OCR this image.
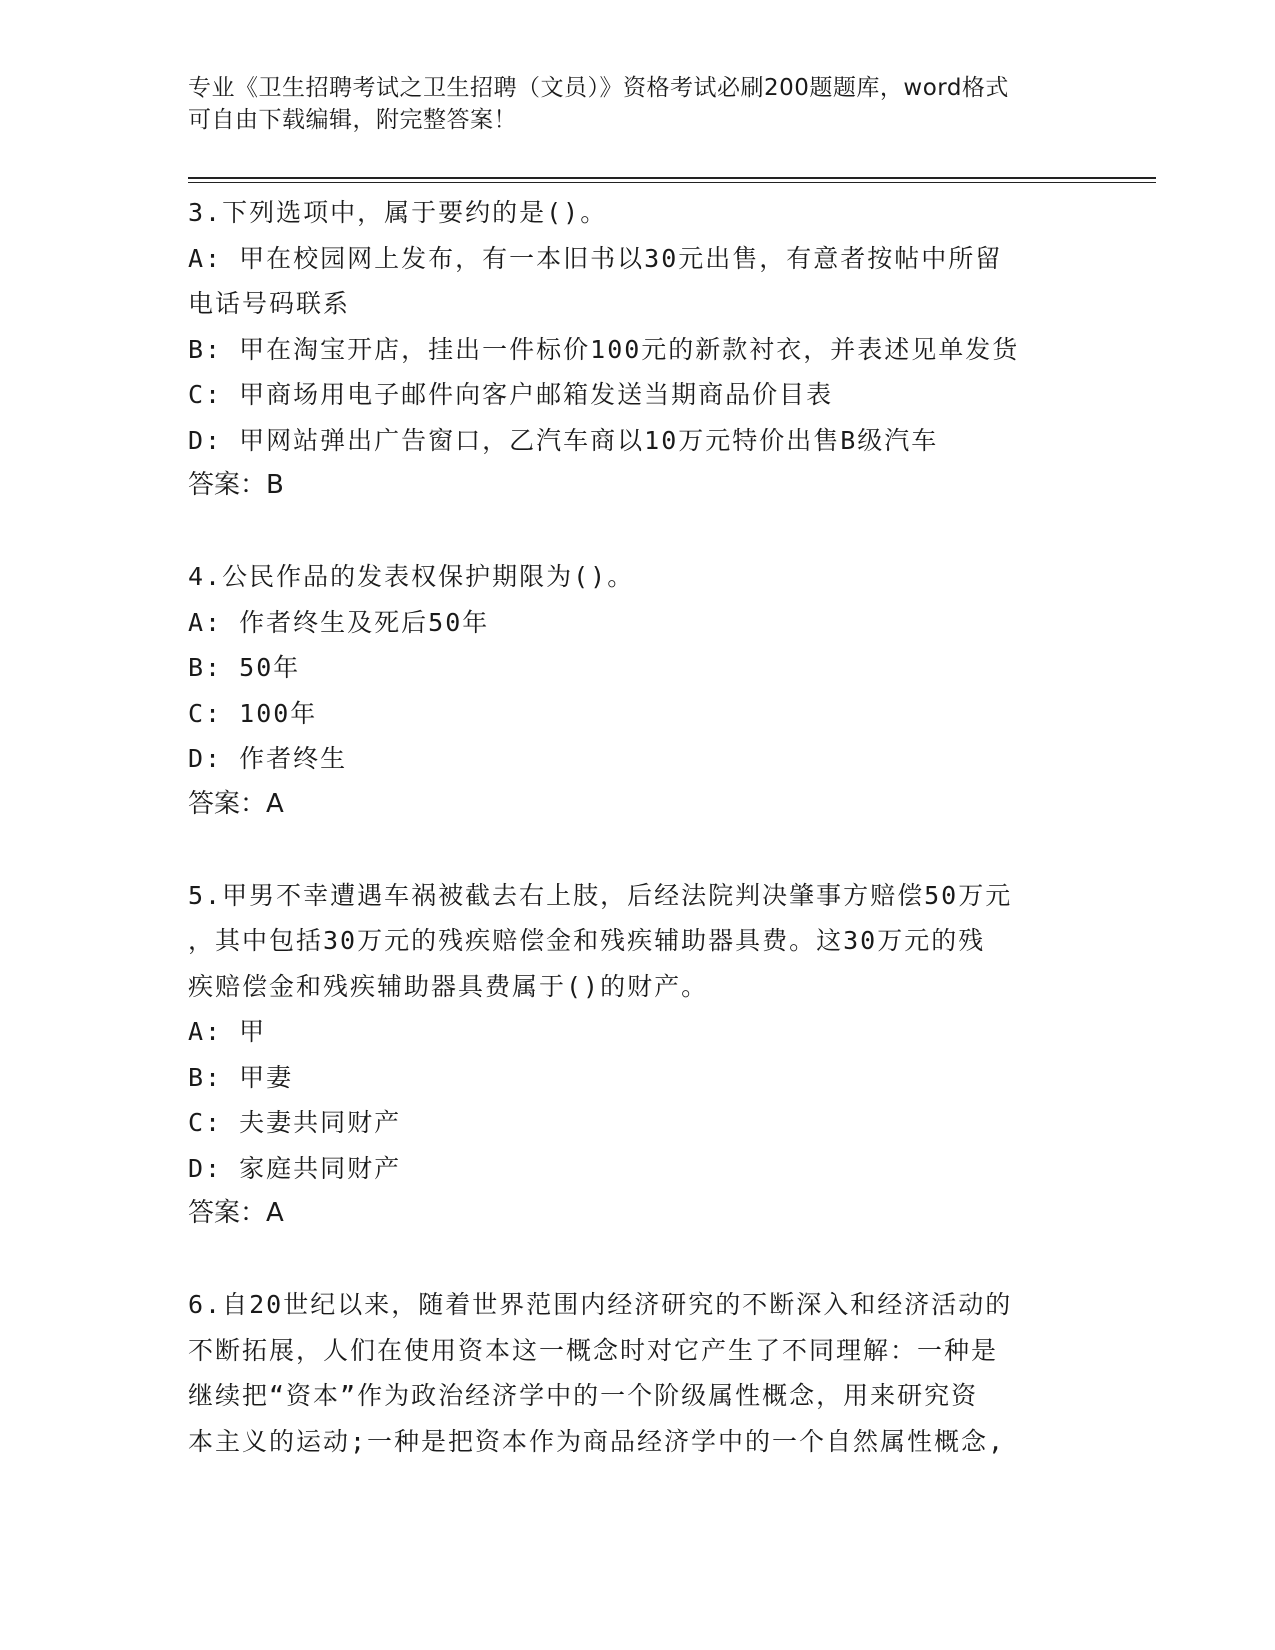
专业《卫生招聘考试之卫生招聘（文员）》资格考试必刷200题题库，word格式
可自由下载编辑，附完整答案！

3.下列选项中，属于要约的是()。

A: 甲在校园网上发布，有一本旧书以30元出售，有意者按帖中所留

电话号码联系

B: 甲在淘宝开店，挂出一件标价100元的新款衬衣，并表述见单发货

C: 甲商场用电子邮件向客户邮箱发送当期商品价目表

D: 甲网站弹出广告窗口，乙汽车商以10万元特价出售B级汽车

答案：B

4.公民作品的发表权保护期限为()。

A: 作者终生及死后50年

B: 50年

C: 100年

D: 作者终生

答案：A

5.甲男不幸遭遇车祸被截去右上肢，后经法院判决肇事方赔偿50万元

，其中包括30万元的残疾赔偿金和残疾辅助器具费。这30万元的残

疾赔偿金和残疾辅助器具费属于()的财产。

A: 甲

B: 甲妻

C: 夫妻共同财产

D: 家庭共同财产

答案：A

6.自20世纪以来，随着世界范围内经济研究的不断深入和经济活动的

不断拓展，人们在使用资本这一概念时对它产生了不同理解：一种是

继续把“资本”作为政治经济学中的一个阶级属性概念，用来研究资

本主义的运动;一种是把资本作为商品经济学中的一个自然属性概念,
